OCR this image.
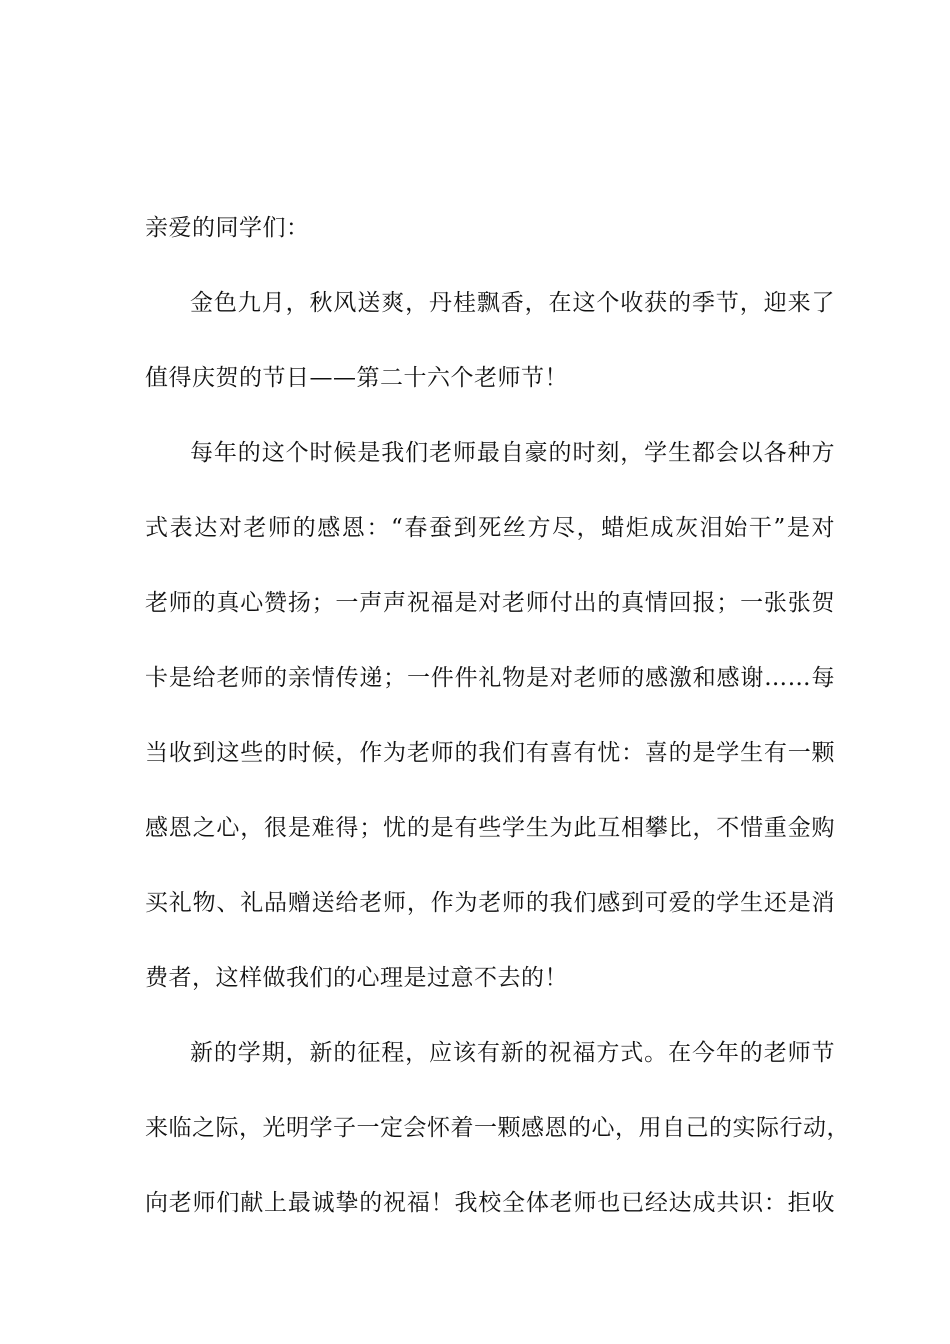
亲爱的同学们：
金色九月，秋风送爽，丹桂飘香，在这个收获的季节，迎来了
值得庆贺的节日——第二十六个老师节！
每年的这个时候是我们老师最自豪的时刻，学生都会以各种方
式表达对老师的感恩：“春蚕到死丝方尽，蜡炬成灰泪始干”是对
老师的真心赞扬；一声声祝福是对老师付出的真情回报；一张张贺
卡是给老师的亲情传递；一件件礼物是对老师的感激和感谢……每
当收到这些的时候，作为老师的我们有喜有忧：喜的是学生有一颗
感恩之心，很是难得；忧的是有些学生为此互相攀比，不惜重金购
买礼物、礼品赠送给老师，作为老师的我们感到可爱的学生还是消
费者，这样做我们的心理是过意不去的！
新的学期，新的征程，应该有新的祝福方式。在今年的老师节
来临之际，光明学子一定会怀着一颗感恩的心，用自己的实际行动，
向老师们献上最诚挚的祝福！我校全体老师也已经达成共识：拒收
